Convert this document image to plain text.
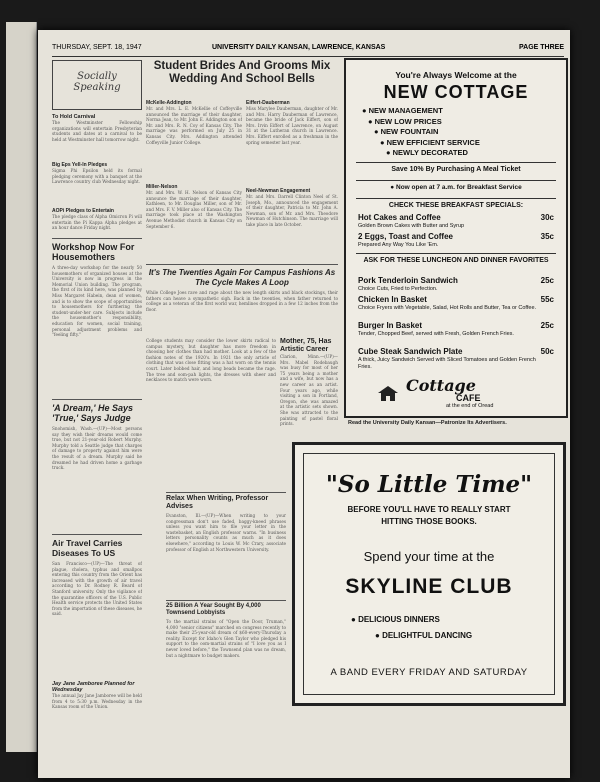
THURSDAY, SEPT. 18, 1947	UNIVERSITY DAILY KANSAN, LAWRENCE, KANSAS	PAGE THREE
Socially
Speaking
To Hold Carnival
The Westminster Fellowship organizations will entertain Presbyterian students and dates at a carnival to be held at Westminster hall tomorrow night.
Big Eps Yell-In Pledges
Sigma Phi Epsilon held its formal pledging ceremony with a banquet at the Lawrence country club Wednesday night.
AOPi Pledges to Entertain
The pledge class of Alpha Omicron Pi will entertain the Pi Kappa Alpha pledges at an hour dance Friday night.
Workshop Now For Housemothers
A three-day workshop for the nearly 50 housemothers of organized houses at the University is now in progress in the Memorial Union building. The program, the first of its kind here, was planned by Miss Margaret Habein, dean of women, and is to show the scope of opportunities to housemothers for furthering the student-under-her care. Subjects include the housemother's responsibility, education for women, social training, personal adjustment problems and "feeling fifty."
'A Dream,' He Says 'True,' Says Judge
Snohomish, Wash.—(UP)—Most persons say they wish their dreams would come true, but not 21-year-old Robert Murphy. Murphy told a Seattle judge that charges of damage to property against him were the result of a dream. Murphy said he dreamed he had driven home a garbage truck.
Air Travel Carries Diseases To US
San Francisco—(UP)—The threat of plague, cholera, typhus and smallpox entering this country from the Orient has increased with the growth of air travel according to Dr. Rodney R. Beard of Stanford university. Only the vigilance of the quarantine officers of the U.S. Public Health service protects the United States from the importation of these diseases, he said.
Jay Jane Jamboree Planned for Wednesday
The annual Jay Jane Jamboree will be held from 4 to 5:30 p.m. Wednesday in the Kansas room of the Union.
Student Brides And Grooms Mix Wedding And School Bells
McKelle-Addington
Mr. and Mrs. L. E. McKellie of Coffeyville announced the marriage of their daughter, Norma Jean, to Mr. John E. Addington son of Mr. and Mrs. R. N. Coy of Kansas City. The marriage was performed on July 25 in Kansas City. Mrs. Addington attended Coffeyville Junior College.
Miller-Nelson
Mr. and Mrs. W. H. Nelson of Kansas City announce the marriage of their daughter, Kathleen, to Mr. Douglas Miller, son of Mr. and Mrs. F. V. Miller also of Kansas City. The marriage took place at the Washington Avenue Methodist church in Kansas City on September 6.
Eiffert-Dauberman
Miss Marylee Dauberman, daughter of Mr. and Mrs. Harry Dauberman of Lawrence, became the bride of Jack Eiffert, son of Mrs. Irvin Eiffert of Lawrence, on August 31 at the Lutheran church in Lawrence. Mrs. Eiffert enrolled as a freshman in the spring semester last year.
Neel-Newman Engagement
Mr. and Mrs. Darrell Clinton Neel of St. Joseph, Mo., announced the engagement of their daughter, Patricia to Mr. John A. Newman, son of Mr. and Mrs. Theodore Newman of Hutchinson. The marriage will take place in late October.
It's The Twenties Again For Campus Fashions As The Cycle Makes A Loop
While College Joes rave and rage about the new length skirts and black stockings, their fathers can heave a sympathetic sigh. Back in the twenties, when father returned to college as a veteran of the first world war, hemlines dropped in a few 12 inches from the floor.
College students may consider the lower skirts radical to campus mystery, but daughter has more freedom in choosing her clothes than had mother. Look at a few of the fashion notes of the 1920's. In 1921 the only article of clothing that was close fitting was a hat worn on the tennis court. Later bobbed hair, and long beads became the rage. The tree and oom-pah lights, the dresses with sheer and necklaces to match were worn.
Mother, 75, Has Artistic Career
Clarion, Minn.—(UP)—Mrs. Mabel Rodebaugh was busy for most of her 75 years being a mother and a wife, but now has a new career as an artist. Four years ago, while visiting a son in Portland, Oregon, she was amazed at the artistic sets shown. She was attracted to the painting of pastel floral prints.
Relax When Writing, Professor Advises
Evanston, Ill.—(UP)—When writing to your congressman don't use faded, baggy-kneed phrases unless you want him to file your letter in the wastebasket, an English professor warns. "In business letters personality counts as much as it does elsewhere," according to Louis W. Mc Crary, associate professor of English at Northwestern University.
25 Billion A Year Sought By 4,000 Townsend Lobbyists
To the martial strains of "Open the Door, Truman," 4,000 "senior citizens" marched on congress recently to make their 25-year-old dream of $60-every-Thursday a reality. Except for Idaho's Glen Taylor who pledged his support to the oom-martial strains of "I love you as I never loved before," the Townsend plan was no dream, but a nightmare to budget makers.
You're Always Welcome at the
NEW COTTAGE
● NEW MANAGEMENT
● NEW LOW PRICES
● NEW FOUNTAIN
● NEW EFFICIENT SERVICE
● NEWLY DECORATED
Save 10% By Purchasing A Meal Ticket
● Now open at 7 a.m. for Breakfast Service
CHECK THESE BREAKFAST SPECIALS:
Hot Cakes and Coffee	30c
Golden Brown Cakes with Butter and Syrup
2 Eggs, Toast and Coffee	35c
Prepared Any Way You Like 'Em.
ASK FOR THESE LUNCHEON AND DINNER FAVORITES
Pork Tenderloin Sandwich	25c
Choice Cuts, Fried to Perfection.
Chicken In Basket	55c
Choice Fryers with Vegetable, Salad, Hot Rolls and Butter, Tea or Coffee.
Burger In Basket	25c
Tender, Chopped Beef, served with Fresh, Golden French Fries.
Cube Steak Sandwich Plate	50c
A thick, Juicy Sandwich Served with Sliced Tomatoes and Golden French Fries.
Cottage
CAFE
at the end of Oread
Read the University Daily Kansan—Patronize Its Advertisers.
"So Little Time"
BEFORE YOU'LL HAVE TO REALLY START
HITTING THOSE BOOKS.
Spend your time at the
SKYLINE CLUB
● DELICIOUS DINNERS
● DELIGHTFUL DANCING
A BAND EVERY FRIDAY AND SATURDAY
